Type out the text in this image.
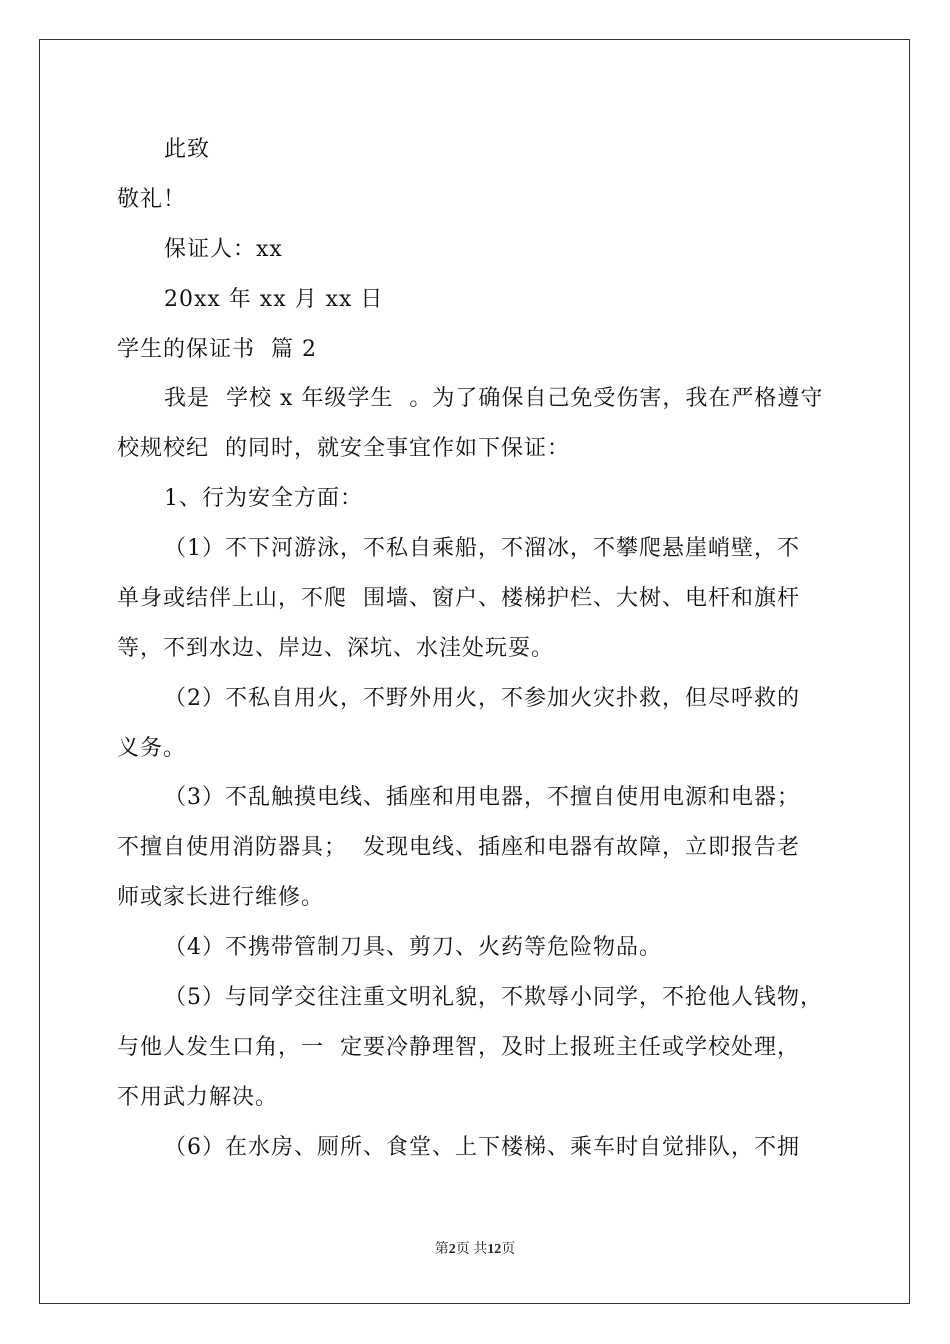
此致
敬礼！
保证人：xx
20xx 年 xx 月 xx 日
学生的保证书  篇 2
我是  学校 x 年级学生  。为了确保自己免受伤害，我在严格遵守
校规校纪  的同时，就安全事宜作如下保证：
1、行为安全方面：
（1）不下河游泳，不私自乘船，不溜冰，不攀爬悬崖峭壁，不
单身或结伴上山，不爬  围墙、窗户、楼梯护栏、大树、电杆和旗杆
等，不到水边、岸边、深坑、水洼处玩耍。
（2）不私自用火，不野外用火，不参加火灾扑救，但尽呼救的
义务。
（3）不乱触摸电线、插座和用电器，不擅自使用电源和电器；
不擅自使用消防器具；  发现电线、插座和电器有故障，立即报告老
师或家长进行维修。
（4）不携带管制刀具、剪刀、火药等危险物品。
（5）与同学交往注重文明礼貌，不欺辱小同学，不抢他人钱物，
与他人发生口角，一  定要冷静理智，及时上报班主任或学校处理，
不用武力解决。
（6）在水房、厕所、食堂、上下楼梯、乘车时自觉排队，不拥
第2页 共12页
